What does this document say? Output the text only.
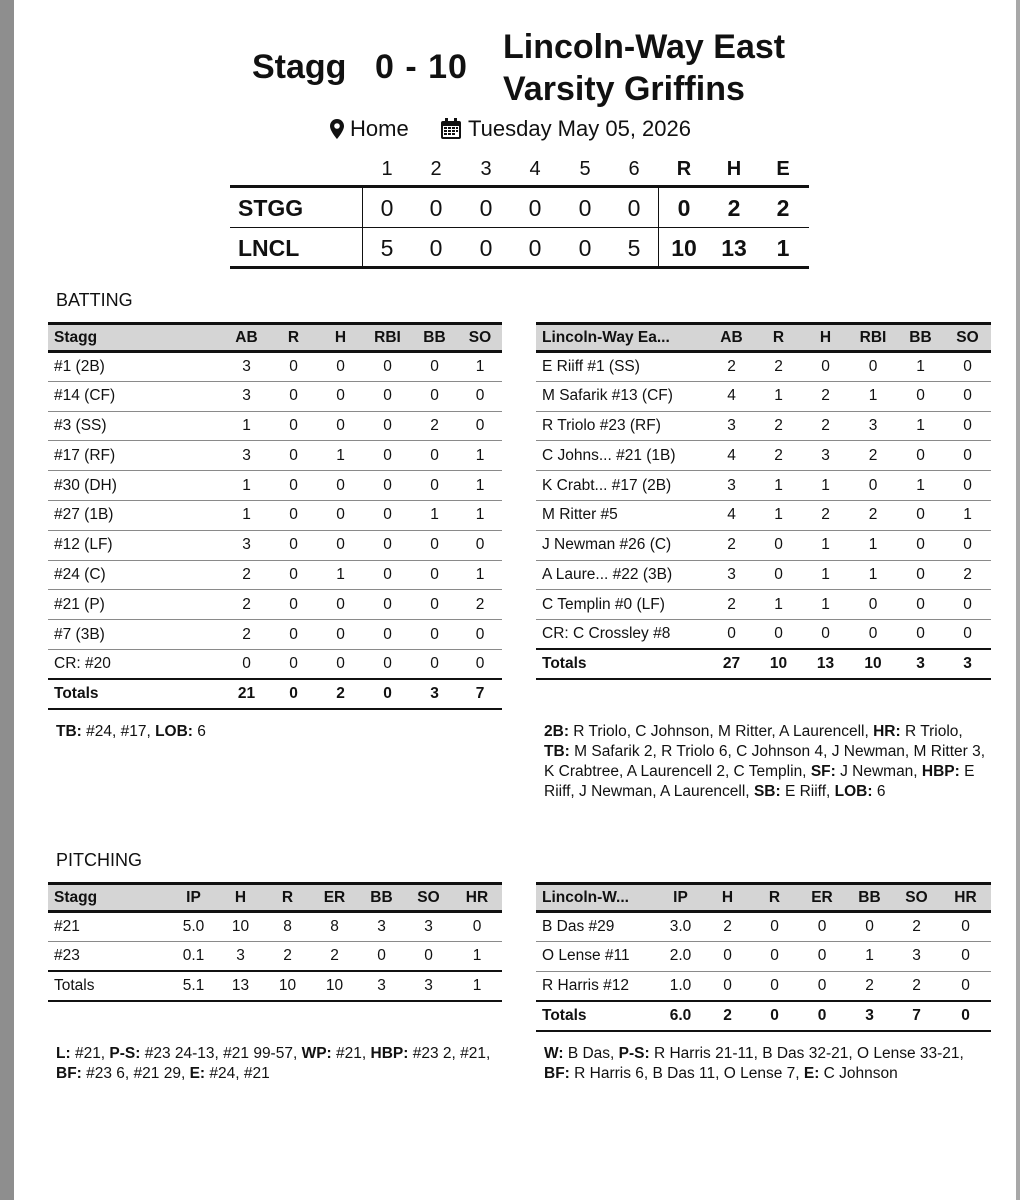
Stagg 0 - 10
Lincoln-Way East
Varsity Griffins
Home	Tuesday May 05, 2026
1	2	3	4	5	6	R	H	E
STGG	0	0	0	0	0	0	0	2	2
LNCL	5	0	0	0	0	5	10	13	1
BATTING
Stagg	AB	R	H	RBI	BB	SO
#1 (2B)	3	0	0	0	0	1
#14 (CF)	3	0	0	0	0	0
#3 (SS)	1	0	0	0	2	0
#17 (RF)	3	0	1	0	0	1
#30 (DH)	1	0	0	0	0	1
#27 (1B)	1	0	0	0	1	1
#12 (LF)	3	0	0	0	0	0
#24 (C)	2	0	1	0	0	1
#21 (P)	2	0	0	0	0	2
#7 (3B)	2	0	0	0	0	0
CR: #20	0	0	0	0	0	0
Totals	21	0	2	0	3	7
Lincoln-Way Ea...	AB	R	H	RBI	BB	SO
E Riiff #1 (SS)	2	2	0	0	1	0
M Safarik #13 (CF)	4	1	2	1	0	0
R Triolo #23 (RF)	3	2	2	3	1	0
C Johns... #21 (1B)	4	2	3	2	0	0
K Crabt... #17 (2B)	3	1	1	0	1	0
M Ritter #5	4	1	2	2	0	1
J Newman #26 (C)	2	0	1	1	0	0
A Laure... #22 (3B)	3	0	1	1	0	2
C Templin #0 (LF)	2	1	1	0	0	0
CR: C Crossley #8	0	0	0	0	0	0
Totals	27	10	13	10	3	3
TB: #24, #17, LOB: 6	2B: R Triolo, C Johnson, M Ritter, A Laurencell, HR: R Triolo, TB: M Safarik 2, R Triolo 6, C Johnson 4, J Newman, M Ritter 3, K Crabtree, A Laurencell 2, C Templin, SF: J Newman, HBP: E Riiff, J Newman, A Laurencell, SB: E Riiff, LOB: 6
PITCHING
Stagg	IP	H	R	ER	BB	SO	HR
#21	5.0	10	8	8	3	3	0
#23	0.1	3	2	2	0	0	1
Totals	5.1	13	10	10	3	3	1
Lincoln-W...	IP	H	R	ER	BB	SO	HR
B Das #29	3.0	2	0	0	0	2	0
O Lense #11	2.0	0	0	0	1	3	0
R Harris #12	1.0	0	0	0	2	2	0
Totals	6.0	2	0	0	3	7	0
L: #21, P-S: #23 24-13, #21 99-57, WP: #21, HBP: #23 2, #21, BF: #23 6, #21 29, E: #24, #21
W: B Das, P-S: R Harris 21-11, B Das 32-21, O Lense 33-21, BF: R Harris 6, B Das 11, O Lense 7, E: C Johnson
